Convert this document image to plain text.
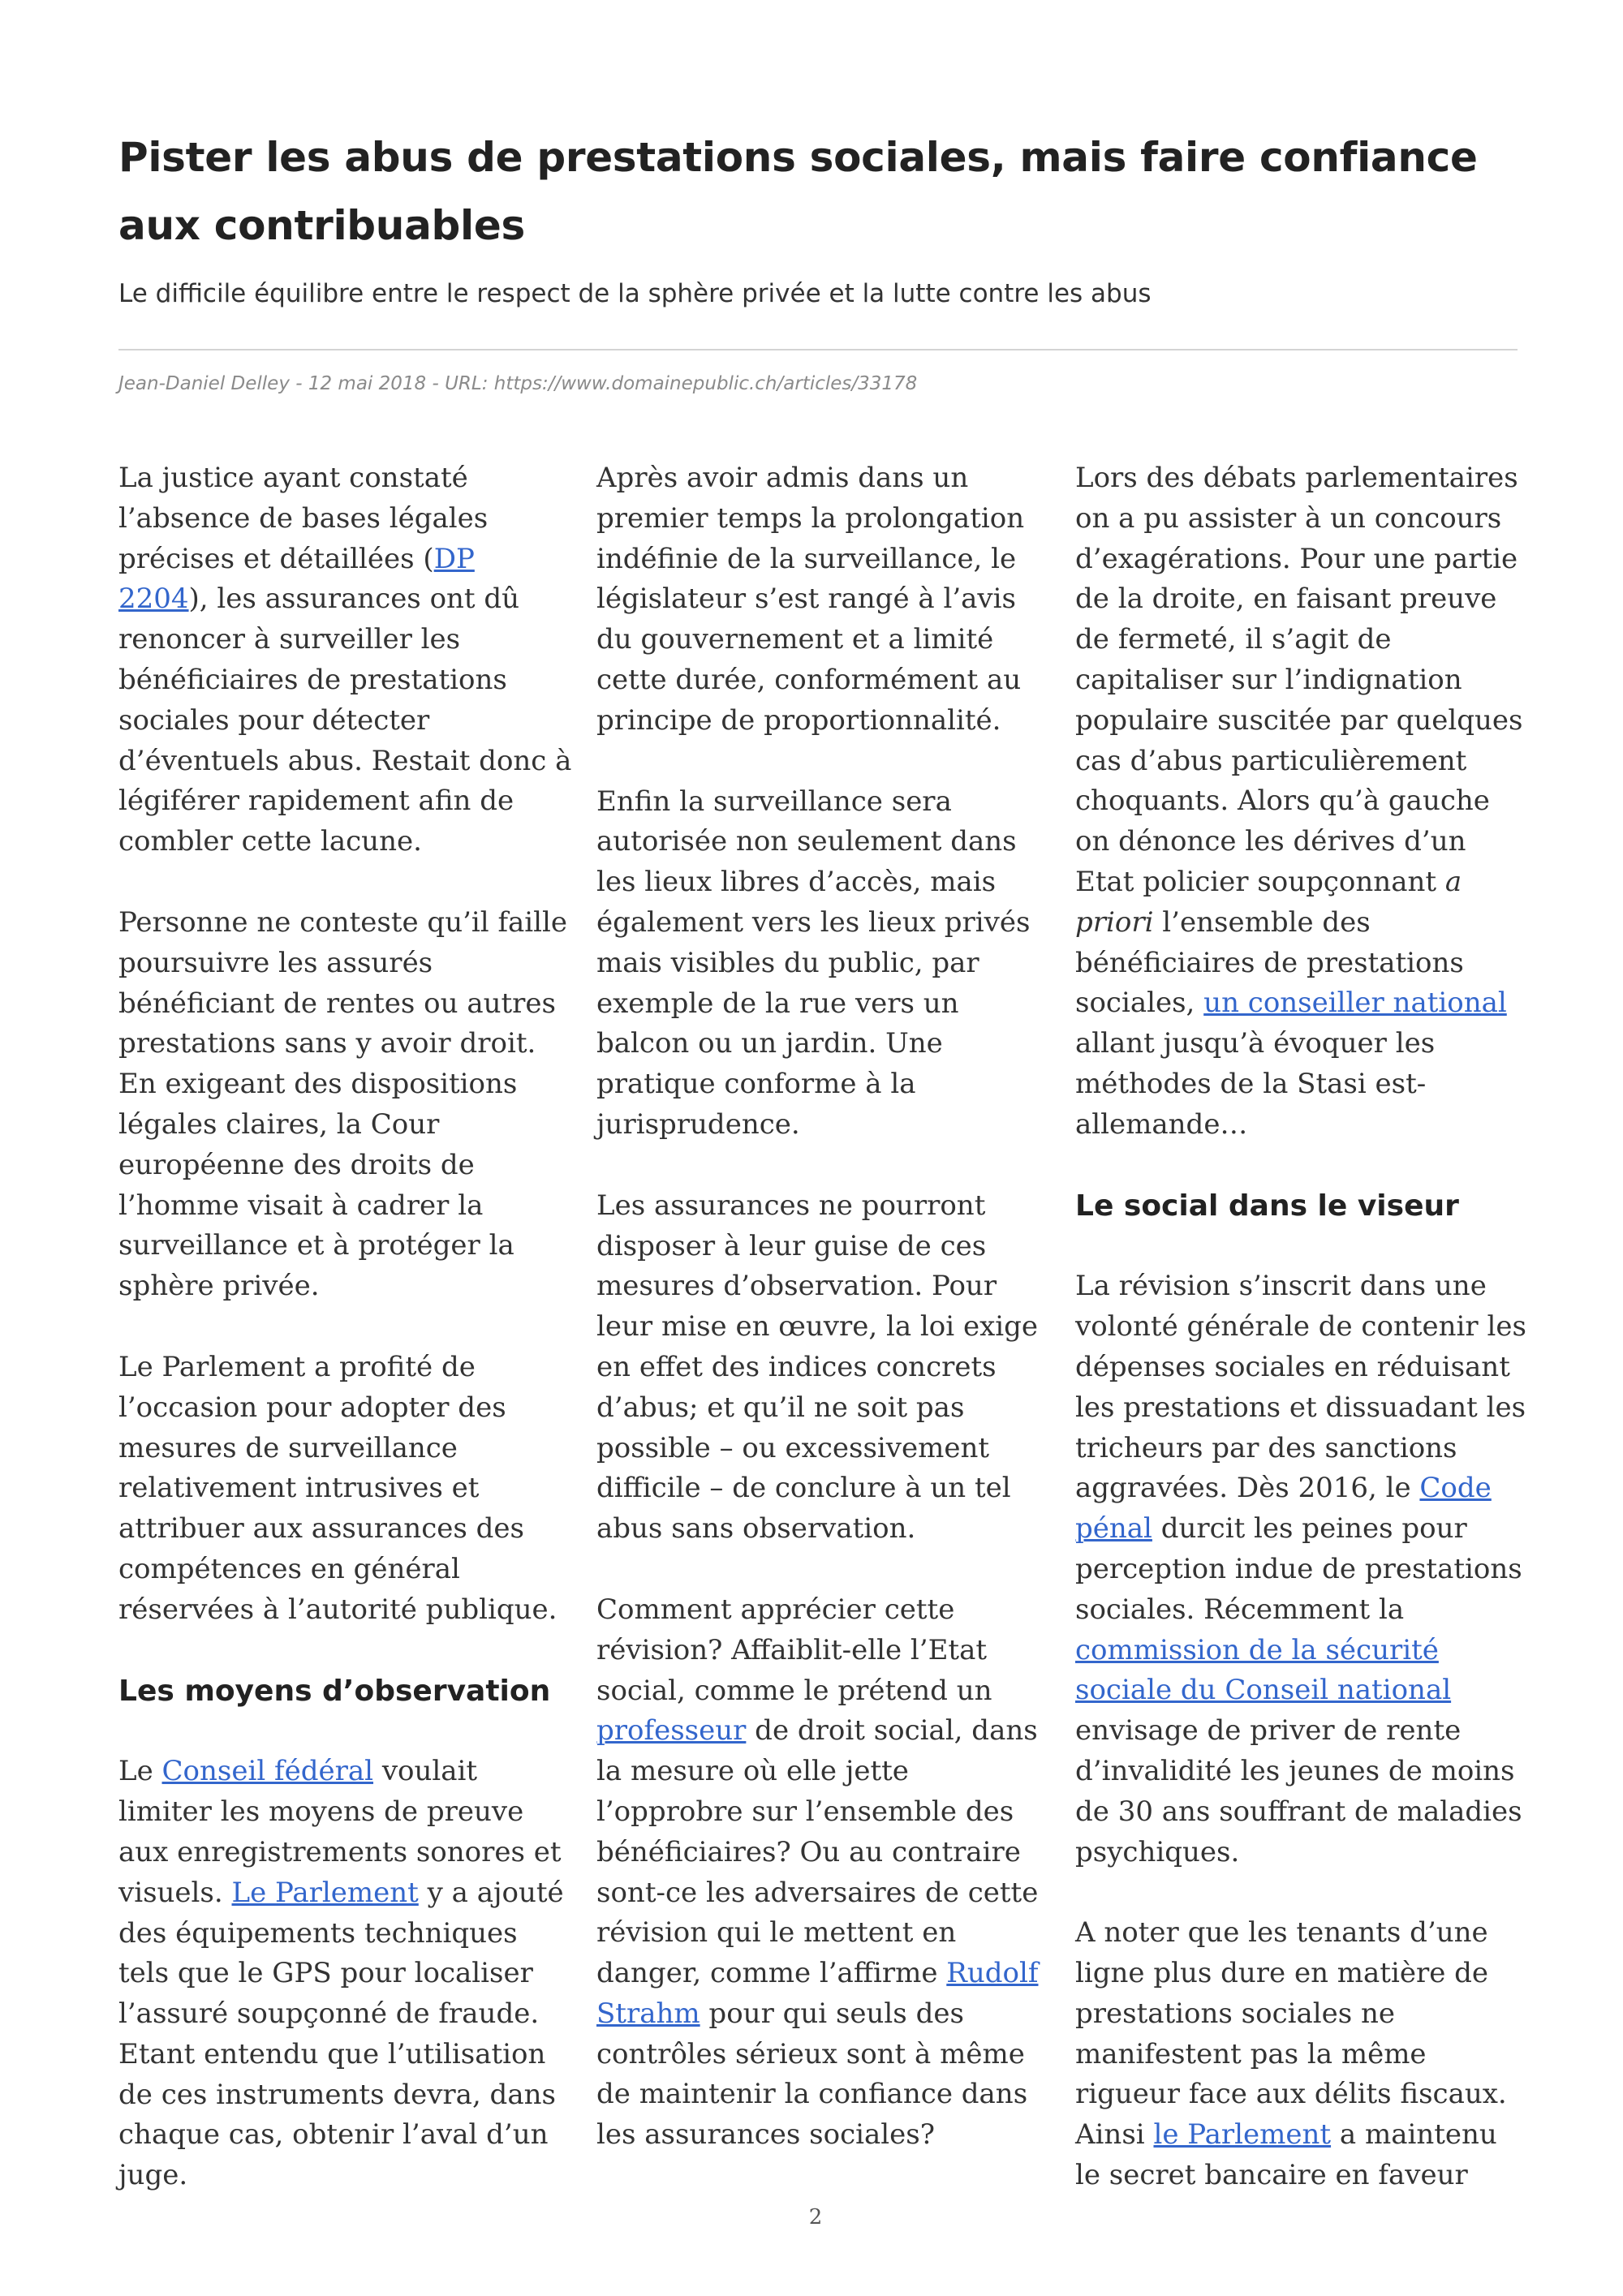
Pister les abus de prestations sociales, mais faire confiance aux contribuables
Le difficile équilibre entre le respect de la sphère privée et la lutte contre les abus
Jean-Daniel Delley - 12 mai 2018 - URL: https://www.domainepublic.ch/articles/33178

La justice ayant constaté l’absence de bases légales précises et détaillées (DP 2204), les assurances ont dû renoncer à surveiller les bénéficiaires de prestations sociales pour détecter d’éventuels abus. Restait donc à légiférer rapidement afin de combler cette lacune.

Personne ne conteste qu’il faille poursuivre les assurés bénéficiant de rentes ou autres prestations sans y avoir droit. En exigeant des dispositions légales claires, la Cour européenne des droits de l’homme visait à cadrer la surveillance et à protéger la sphère privée.

Le Parlement a profité de l’occasion pour adopter des mesures de surveillance relativement intrusives et attribuer aux assurances des compétences en général réservées à l’autorité publique.

Les moyens d’observation

Le Conseil fédéral voulait limiter les moyens de preuve aux enregistrements sonores et visuels. Le Parlement y a ajouté des équipements techniques tels que le GPS pour localiser l’assuré soupçonné de fraude. Etant entendu que l’utilisation de ces instruments devra, dans chaque cas, obtenir l’aval d’un juge.

Après avoir admis dans un premier temps la prolongation indéfinie de la surveillance, le législateur s’est rangé à l’avis du gouvernement et a limité cette durée, conformément au principe de proportionnalité.

Enfin la surveillance sera autorisée non seulement dans les lieux libres d’accès, mais également vers les lieux privés mais visibles du public, par exemple de la rue vers un balcon ou un jardin. Une pratique conforme à la jurisprudence.

Les assurances ne pourront disposer à leur guise de ces mesures d’observation. Pour leur mise en œuvre, la loi exige en effet des indices concrets d’abus; et qu’il ne soit pas possible – ou excessivement difficile – de conclure à un tel abus sans observation.

Comment apprécier cette révision? Affaiblit-elle l’Etat social, comme le prétend un professeur de droit social, dans la mesure où elle jette l’opprobre sur l’ensemble des bénéficiaires? Ou au contraire sont-ce les adversaires de cette révision qui le mettent en danger, comme l’affirme Rudolf Strahm pour qui seuls des contrôles sérieux sont à même de maintenir la confiance dans les assurances sociales?

Lors des débats parlementaires on a pu assister à un concours d’exagérations. Pour une partie de la droite, en faisant preuve de fermeté, il s’agit de capitaliser sur l’indignation populaire suscitée par quelques cas d’abus particulièrement choquants. Alors qu’à gauche on dénonce les dérives d’un Etat policier soupçonnant a priori l’ensemble des bénéficiaires de prestations sociales, un conseiller national allant jusqu’à évoquer les méthodes de la Stasi est-allemande…

Le social dans le viseur

La révision s’inscrit dans une volonté générale de contenir les dépenses sociales en réduisant les prestations et dissuadant les tricheurs par des sanctions aggravées. Dès 2016, le Code pénal durcit les peines pour perception indue de prestations sociales. Récemment la commission de la sécurité sociale du Conseil national envisage de priver de rente d’invalidité les jeunes de moins de 30 ans souffrant de maladies psychiques.

A noter que les tenants d’une ligne plus dure en matière de prestations sociales ne manifestent pas la même rigueur face aux délits fiscaux. Ainsi le Parlement a maintenu le secret bancaire en faveur

2
